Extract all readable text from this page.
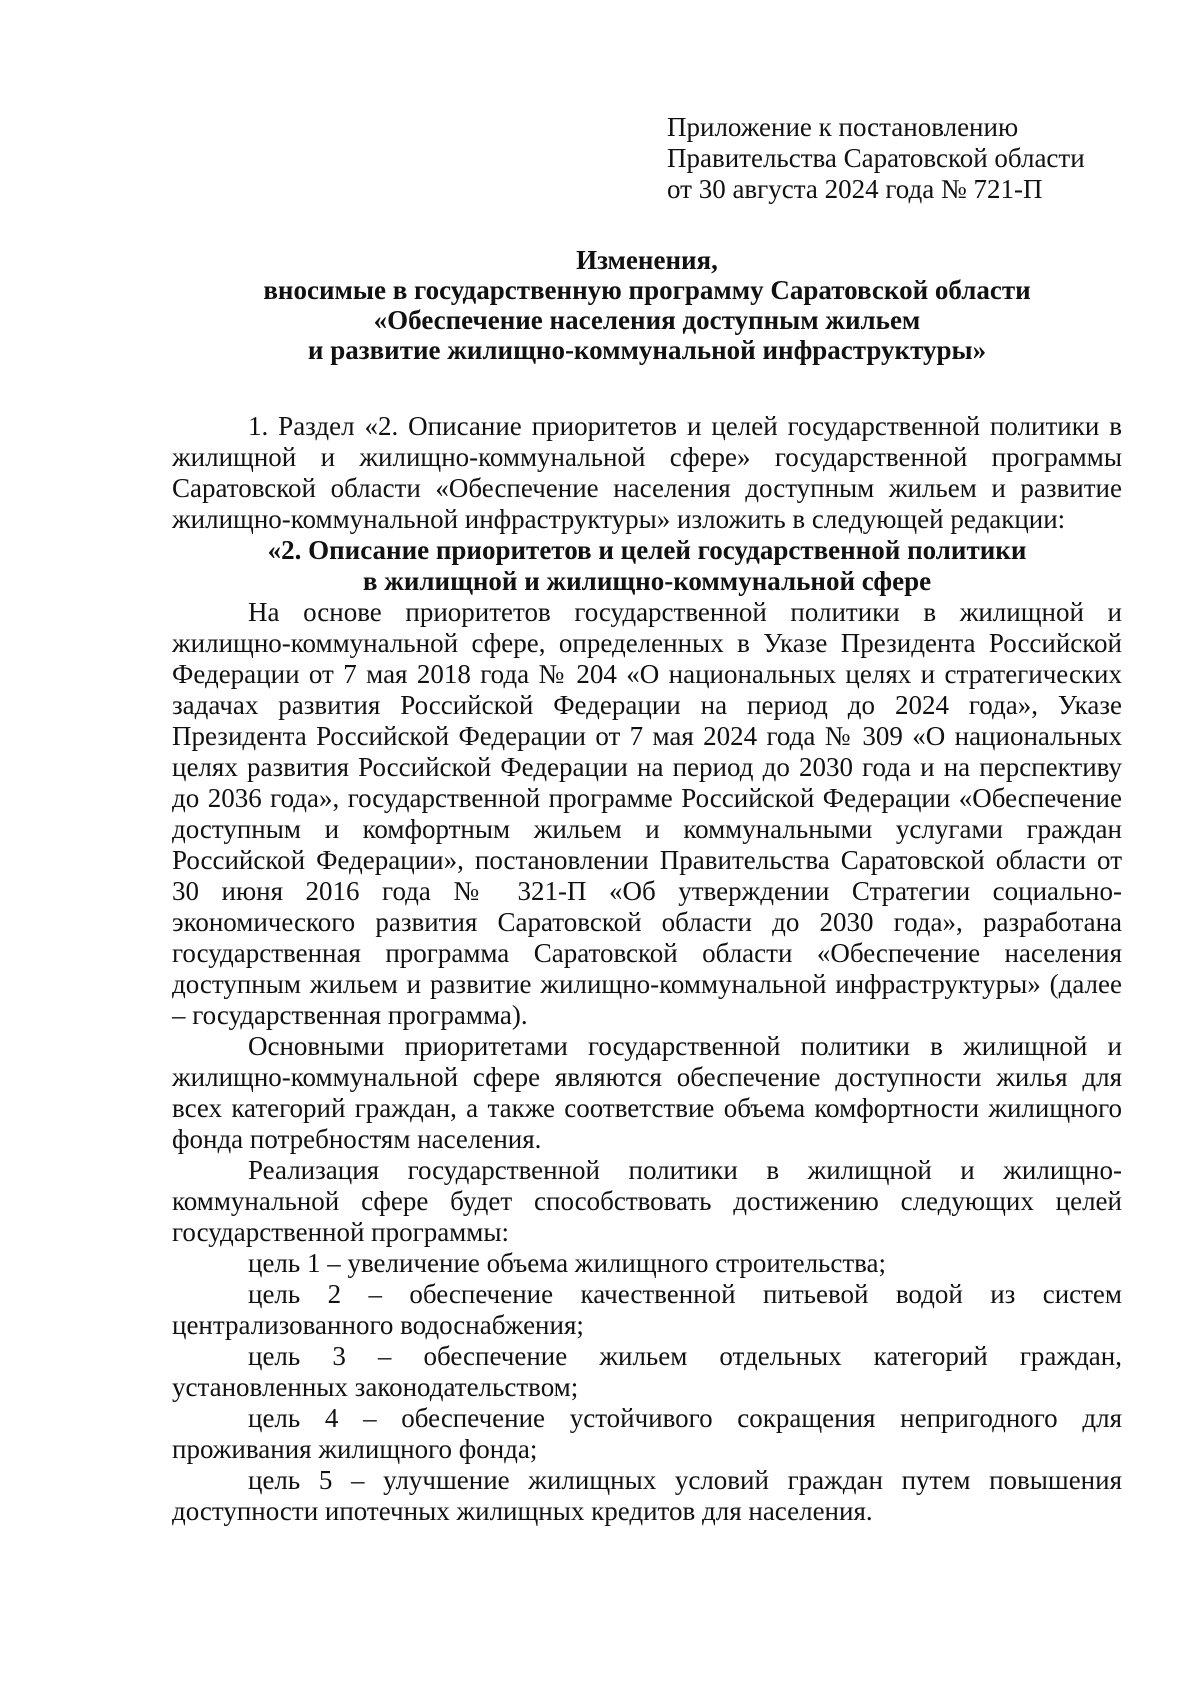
Приложение к постановлению
Правительства Саратовской области
от 30 августа 2024 года № 721-П
Изменения,
вносимые в государственную программу Саратовской области
«Обеспечение населения доступным жильем
и развитие жилищно-коммунальной инфраструктуры»

1. Раздел «2. Описание приоритетов и целей государственной политики в жилищной и жилищно-коммунальной сфере» государственной программы Саратовской области «Обеспечение населения доступным жильем и развитие жилищно-коммунальной инфраструктуры» изложить в следующей редакции:

«2. Описание приоритетов и целей государственной политики
в жилищной и жилищно-коммунальной сфере

На основе приоритетов государственной политики в жилищной и жилищно-коммунальной сфере, определенных в Указе Президента Российской Федерации от 7 мая 2018 года № 204 «О национальных целях и стратегических задачах развития Российской Федерации на период до 2024 года», Указе Президента Российской Федерации от 7 мая 2024 года № 309 «О национальных целях развития Российской Федерации на период до 2030 года и на перспективу до 2036 года», государственной программе Российской Федерации «Обеспечение доступным и комфортным жильем и коммунальными услугами граждан Российской Федерации», постановлении Правительства Саратовской области от 30 июня 2016 года № 321-П «Об утверждении Стратегии социально-экономического развития Саратовской области до 2030 года», разработана государственная программа Саратовской области «Обеспечение населения доступным жильем и развитие жилищно-коммунальной инфраструктуры» (далее – государственная программа).

Основными приоритетами государственной политики в жилищной и жилищно-коммунальной сфере являются обеспечение доступности жилья для всех категорий граждан, а также соответствие объема комфортности жилищного фонда потребностям населения.

Реализация государственной политики в жилищной и жилищно-коммунальной сфере будет способствовать достижению следующих целей государственной программы:

цель 1 – увеличение объема жилищного строительства;

цель 2 – обеспечение качественной питьевой водой из систем централизованного водоснабжения;

цель 3 – обеспечение жильем отдельных категорий граждан, установленных законодательством;

цель 4 – обеспечение устойчивого сокращения непригодного для проживания жилищного фонда;

цель 5 – улучшение жилищных условий граждан путем повышения доступности ипотечных жилищных кредитов для населения.
